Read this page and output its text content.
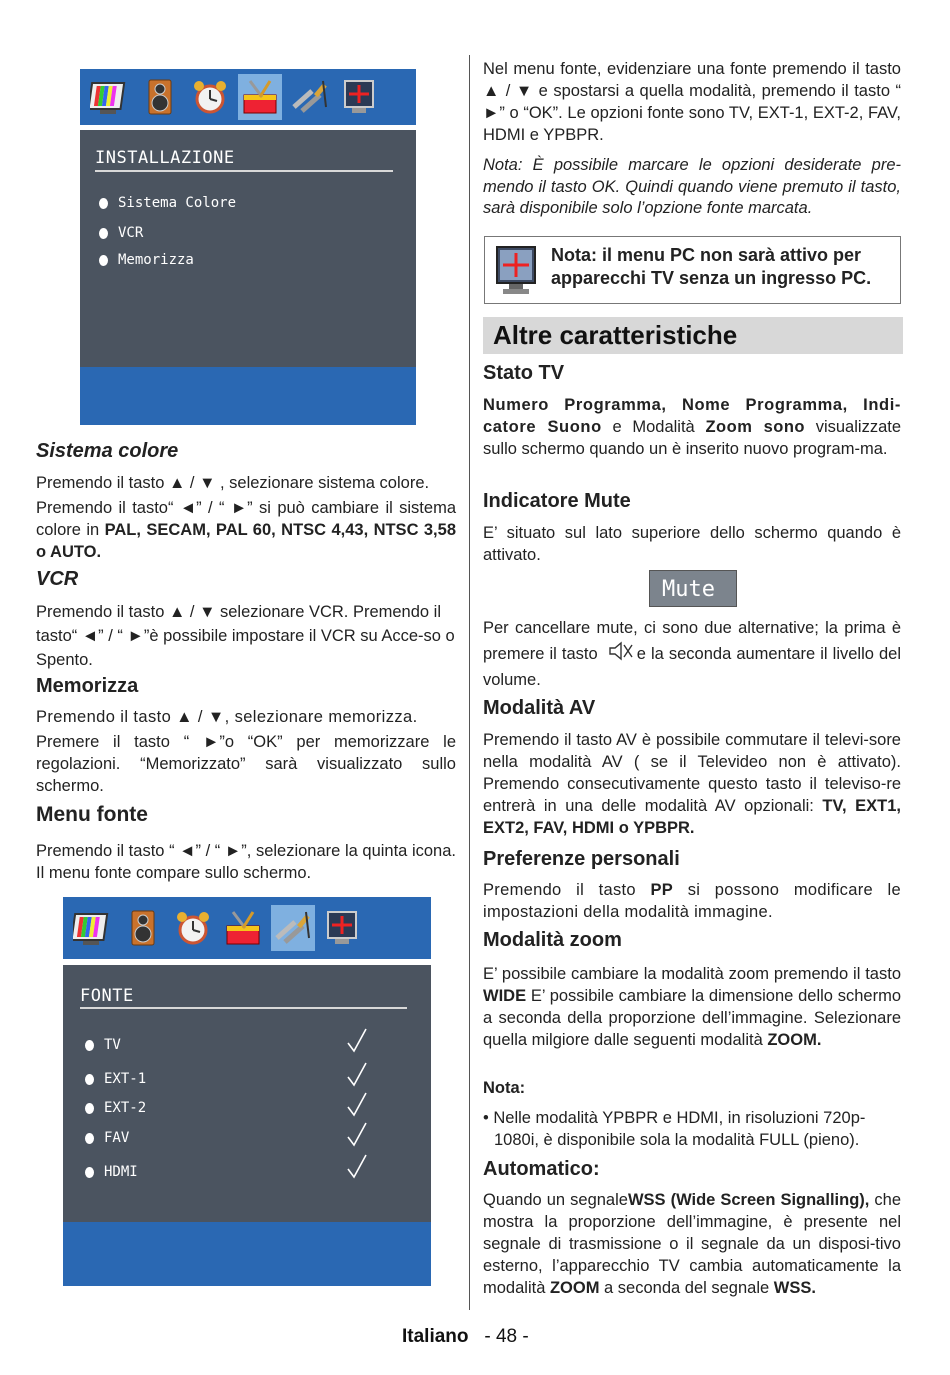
INSTALLAZIONE
Sistema Colore
VCR
Memorizza
Sistema colore
Premendo il tasto ▲ / ▼ , selezionare sistema colore.
Premendo il tasto“ ◄” / “ ►” si può cambiare il sistema colore in PAL, SECAM, PAL 60, NTSC 4,43, NTSC 3,58 o AUTO.
VCR
Premendo il tasto ▲ / ▼ selezionare VCR. Premendo il tasto“ ◄” / “ ►”è possibile impostare il VCR su Acce-so o Spento.
Memorizza
Premendo il tasto ▲ / ▼, selezionare memorizza.
Premere il tasto “ ►”o “OK” per memorizzare le regolazioni. “Memorizzato” sarà visualizzato sullo schermo.
Menu fonte
Premendo il tasto “ ◄” / “ ►”, selezionare la quinta icona. Il menu fonte compare sullo schermo.
FONTE
TV
EXT-1
EXT-2
FAV
HDMI
Nel menu fonte, evidenziare una fonte premendo il tasto ▲ / ▼ e spostarsi a quella modalità, premendo il tasto “ ►” o “OK”. Le opzioni fonte sono TV, EXT-1, EXT-2, FAV, HDMI e YPBPR.
Nota: È possibile marcare le opzioni desiderate pre-mendo il tasto OK. Quindi quando viene premuto il tasto, sarà disponibile solo l’opzione fonte marcata.
Nota: il menu PC non sarà attivo per apparecchi TV senza un ingresso PC.
Altre caratteristiche
Stato TV
Numero Programma, Nome Programma, Indi-catore Suono e Modalità Zoom sono visualizzate sullo schermo quando un è inserito nuovo program-ma.
Indicatore Mute
E’ situato sul lato superiore dello schermo quando è attivato.
Mute
Per cancellare mute, ci sono due alternative; la prima è premere il tasto e la seconda aumentare il livello del volume.
Modalità AV
Premendo il tasto AV è possibile commutare il televi-sore nella modalità AV ( se il Televideo non è attivato). Premendo consecutivamente questo tasto il televiso-re entrerà in una delle modalità AV opzionali: TV, EXT1, EXT2, FAV, HDMI o YPBPR.
Preferenze personali
Premendo il tasto PP si possono modificare le impostazioni della modalità immagine.
Modalità zoom
E’ possibile cambiare la modalità zoom premendo il tasto WIDE E’ possibile cambiare la dimensione dello schermo a seconda della proporzione dell’immagine. Selezionare quella milgiore dalle seguenti modalità ZOOM.
Nota:
• Nelle modalità YPBPR e HDMI, in risoluzioni 720p-1080i, è disponibile sola la modalità FULL (pieno).
Automatico:
Quando un segnaleWSS (Wide Screen Signalling), che mostra la proporzione dell’immagine, è presente nel segnale di trasmissione o il segnale da un disposi-tivo esterno, l’apparecchio TV cambia automaticamente la modalità ZOOM a seconda del segnale WSS.
Italiano - 48 -
